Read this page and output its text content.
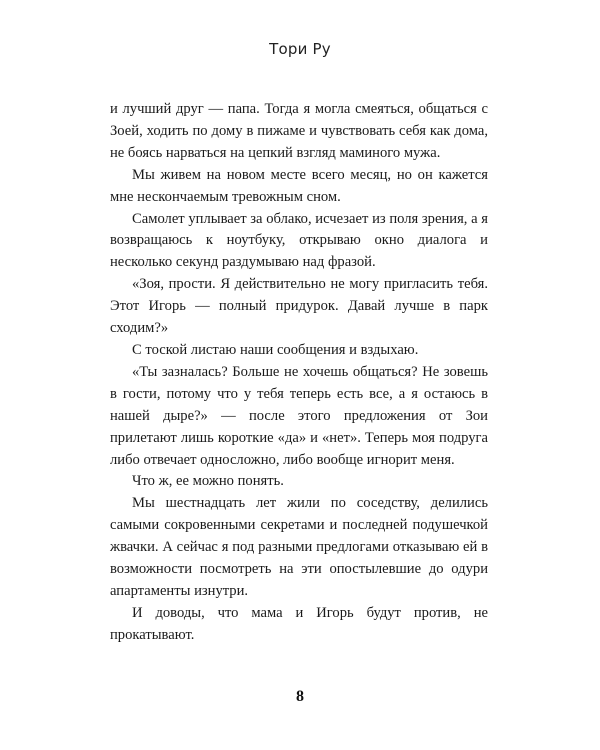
Тори Ру

и лучший друг — папа. Тогда я могла смеяться, общаться с Зоей, ходить по дому в пижаме и чувствовать себя как дома, не боясь нарваться на цепкий взгляд маминого мужа.

Мы живем на новом месте всего месяц, но он кажется мне нескончаемым тревожным сном.

Самолет уплывает за облако, исчезает из поля зрения, а я возвращаюсь к ноутбуку, открываю окно диалога и несколько секунд раздумываю над фразой.

«Зоя, прости. Я действительно не могу пригласить тебя. Этот Игорь — полный придурок. Давай лучше в парк сходим?»

С тоской листаю наши сообщения и вздыхаю.

«Ты зазналась? Больше не хочешь общаться? Не зовешь в гости, потому что у тебя теперь есть все, а я остаюсь в нашей дыре?» — после этого предложения от Зои прилетают лишь короткие «да» и «нет». Теперь моя подруга либо отвечает односложно, либо вообще игнорит меня.

Что ж, ее можно понять.

Мы шестнадцать лет жили по соседству, делились самыми сокровенными секретами и последней подушечкой жвачки. А сейчас я под разными предлогами отказываю ей в возможности посмотреть на эти опостылевшие до одури апартаменты изнутри.

И доводы, что мама и Игорь будут против, не прокатывают.

8
